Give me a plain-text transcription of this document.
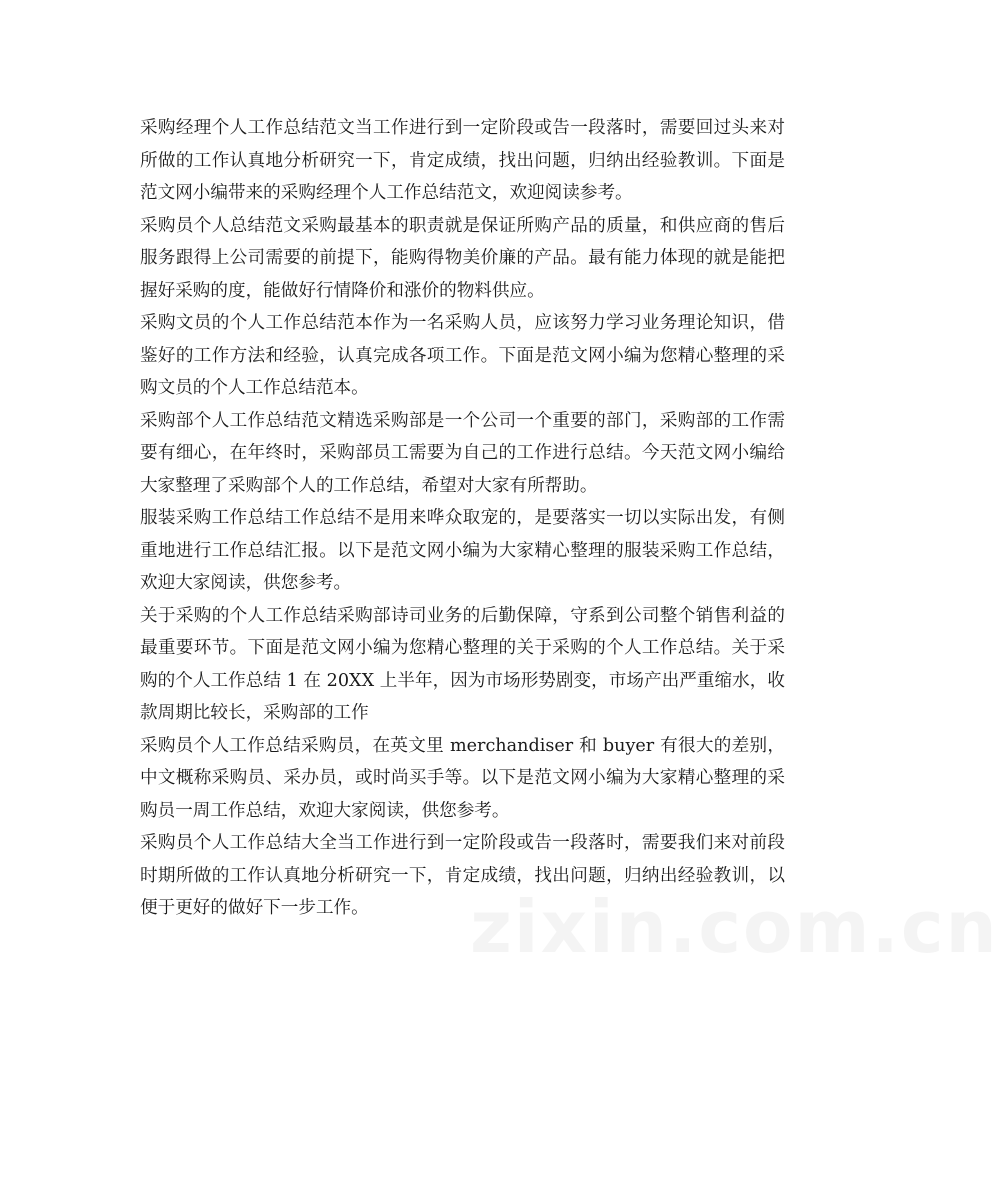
采购经理个人工作总结范文当工作进行到一定阶段或告一段落时，需要回过头来对所做的工作认真地分析研究一下，肯定成绩，找出问题，归纳出经验教训。下面是范文网小编带来的采购经理个人工作总结范文，欢迎阅读参考。

采购员个人总结范文采购最基本的职责就是保证所购产品的质量，和供应商的售后服务跟得上公司需要的前提下，能购得物美价廉的产品。最有能力体现的就是能把握好采购的度，能做好行情降价和涨价的物料供应。

采购文员的个人工作总结范本作为一名采购人员，应该努力学习业务理论知识，借鉴好的工作方法和经验，认真完成各项工作。下面是范文网小编为您精心整理的采购文员的个人工作总结范本。

采购部个人工作总结范文精选采购部是一个公司一个重要的部门，采购部的工作需要有细心，在年终时，采购部员工需要为自己的工作进行总结。今天范文网小编给大家整理了采购部个人的工作总结，希望对大家有所帮助。

服装采购工作总结工作总结不是用来哗众取宠的，是要落实一切以实际出发，有侧重地进行工作总结汇报。以下是范文网小编为大家精心整理的服装采购工作总结，欢迎大家阅读，供您参考。

关于采购的个人工作总结采购部诗司业务的后勤保障，守系到公司整个销售利益的最重要环节。下面是范文网小编为您精心整理的关于采购的个人工作总结。关于采购的个人工作总结 1 在 20XX 上半年，因为市场形势剧变，市场产出严重缩水，收款周期比较长，采购部的工作

采购员个人工作总结采购员，在英文里 merchandiser 和 buyer 有很大的差别，中文概称采购员、采办员，或时尚买手等。以下是范文网小编为大家精心整理的采购员一周工作总结，欢迎大家阅读，供您参考。

采购员个人工作总结大全当工作进行到一定阶段或告一段落时，需要我们来对前段时期所做的工作认真地分析研究一下，肯定成绩，找出问题，归纳出经验教训，以便于更好的做好下一步工作。	zixin.com.cn
